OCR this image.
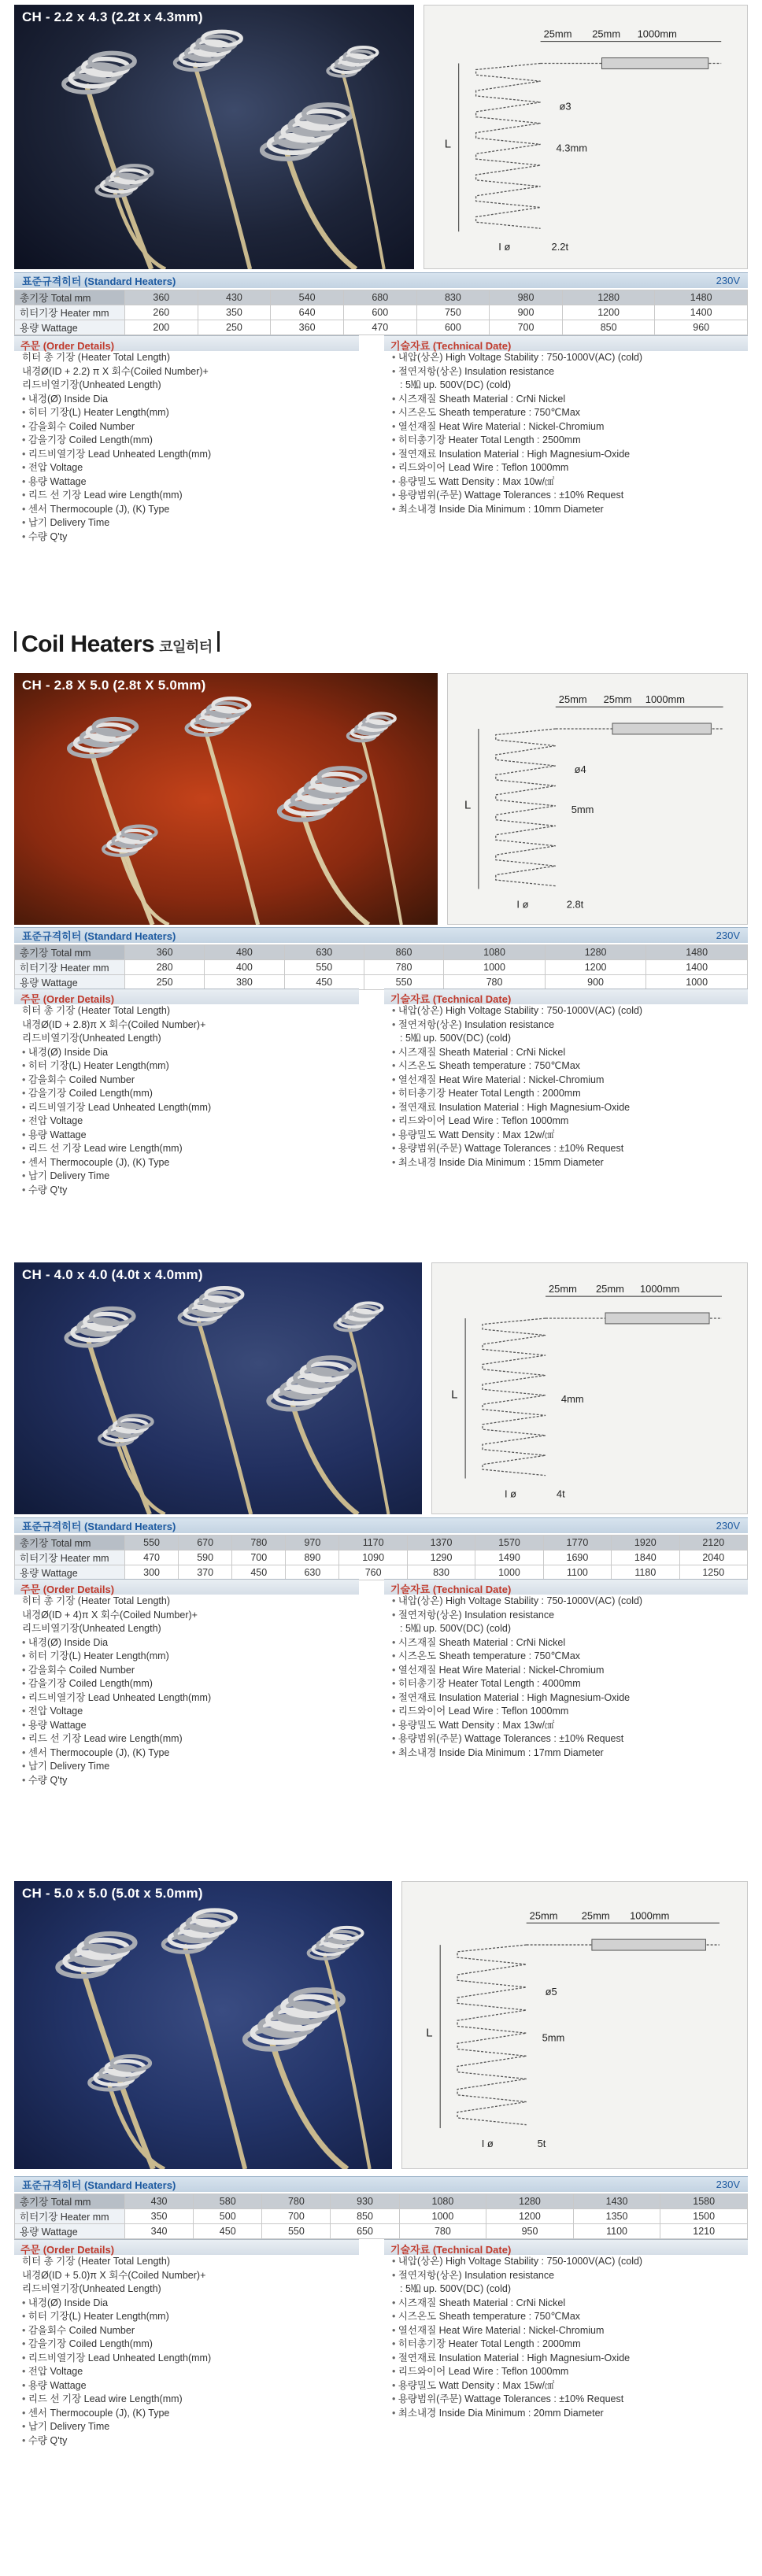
Coil Heaters 코일히터
CH - 2.2 x 4.3 (2.2t x 4.3mm)
25mm 25mm 1000mm
L
ø3
4.3mm
I ø	2.2t
표준규격히터 (Standard Heaters)	230V
총기장 Total mm	360	430	540	680	830	980	1280	1480
히터기장 Heater mm	260	350	640	600	750	900	1200	1400
용량 Wattage	200	250	360	470	600	700	850	960
주문 (Order Details)
히터 총 기장 (Heater Total Length)
내경Ø(ID + 2.2) π X 회수(Coiled Number)+
리드비열기장(Unheated Length)
• 내경(Ø) Inside Dia
• 히터 기장(L) Heater Length(mm)
• 감을회수 Coiled Number
• 감을기장 Coiled Length(mm)
• 리드비열기장 Lead Unheated Length(mm)
• 전압 Voltage
• 용량 Wattage
• 리드 선 기장 Lead wire Length(mm)
• 센서 Thermocouple (J), (K) Type
• 납기 Delivery Time
• 수량 Q'ty
기술자료 (Technical Date)
• 내압(상온) High Voltage Stability : 750-1000V(AC) (cold)
• 절연저항(상온) Insulation resistance
: 5㏁ up. 500V(DC) (cold)
• 시즈재질 Sheath Material : CrNi Nickel
• 시즈온도 Sheath temperature : 750℃Max
• 열선재질 Heat Wire Material : Nickel-Chromium
• 히터총기장 Heater Total Length : 2500mm
• 절연재료 Insulation Material : High Magnesium-Oxide
• 리드와이어 Lead Wire : Teflon 1000mm
• 용량밀도 Watt Density : Max 10w/㎠
• 용량범위(주문) Wattage Tolerances : ±10% Request
• 최소내경 Inside Dia Minimum : 10mm Diameter
CH - 2.8 X 5.0 (2.8t X 5.0mm)
25mm 25mm 1000mm
L
ø4
5mm
I ø	2.8t
표준규격히터 (Standard Heaters)	230V
총기장 Total mm	360	480	630	860	1080	1280	1480
히터기장 Heater mm	280	400	550	780	1000	1200	1400
용량 Wattage	250	380	450	550	780	900	1000
주문 (Order Details)
히터 총 기장 (Heater Total Length)
내경Ø(ID + 2.8)π X 회수(Coiled Number)+
리드비열기장(Unheated Length)
• 내경(Ø) Inside Dia
• 히터 기장(L) Heater Length(mm)
• 감을회수 Coiled Number
• 감을기장 Coiled Length(mm)
• 리드비열기장 Lead Unheated Length(mm)
• 전압 Voltage
• 용량 Wattage
• 리드 선 기장 Lead wire Length(mm)
• 센서 Thermocouple (J), (K) Type
• 납기 Delivery Time
• 수량 Q'ty
기술자료 (Technical Date)
• 내압(상온) High Voltage Stability : 750-1000V(AC) (cold)
• 절연저항(상온) Insulation resistance
: 5㏁ up. 500V(DC) (cold)
• 시즈재질 Sheath Material : CrNi Nickel
• 시즈온도 Sheath temperature : 750℃Max
• 열선재질 Heat Wire Material : Nickel-Chromium
• 히터총기장 Heater Total Length : 2000mm
• 절연재료 Insulation Material : High Magnesium-Oxide
• 리드와이어 Lead Wire : Teflon 1000mm
• 용량밀도 Watt Density : Max 12w/㎠
• 용량범위(주문) Wattage Tolerances : ±10% Request
• 최소내경 Inside Dia Minimum : 15mm Diameter
CH - 4.0 x 4.0 (4.0t x 4.0mm)
25mm 25mm 1000mm
L	4mm
I ø	4t
표준규격히터 (Standard Heaters)	230V
총기장 Total mm	550	670	780	970	1170	1370	1570	1770	1920	2120
히터기장 Heater mm	470	590	700	890	1090	1290	1490	1690	1840	2040
용량 Wattage	300	370	450	630	760	830	1000	1100	1180	1250
주문 (Order Details)
히터 총 기장 (Heater Total Length)
내경Ø(ID + 4)π X 회수(Coiled Number)+
리드비열기장(Unheated Length)
• 내경(Ø) Inside Dia
• 히터 기장(L) Heater Length(mm)
• 감을회수 Coiled Number
• 감을기장 Coiled Length(mm)
• 리드비열기장 Lead Unheated Length(mm)
• 전압 Voltage
• 용량 Wattage
• 리드 선 기장 Lead wire Length(mm)
• 센서 Thermocouple (J), (K) Type
• 납기 Delivery Time
• 수량 Q'ty
기술자료 (Technical Date)
• 내압(상온) High Voltage Stability : 750-1000V(AC) (cold)
• 절연저항(상온) Insulation resistance
: 5㏁ up. 500V(DC) (cold)
• 시즈재질 Sheath Material : CrNi Nickel
• 시즈온도 Sheath temperature : 750℃Max
• 열선재질 Heat Wire Material : Nickel-Chromium
• 히터총기장 Heater Total Length : 4000mm
• 절연재료 Insulation Material : High Magnesium-Oxide
• 리드와이어 Lead Wire : Teflon 1000mm
• 용량밀도 Watt Density : Max 13w/㎠
• 용량범위(주문) Wattage Tolerances : ±10% Request
• 최소내경 Inside Dia Minimum : 17mm Diameter
CH - 5.0 x 5.0 (5.0t x 5.0mm)
25mm 25mm 1000mm
L
ø5
5mm
I ø	5t
표준규격히터 (Standard Heaters)	230V
총기장 Total mm	430	580	780	930	1080	1280	1430	1580
히터기장 Heater mm	350	500	700	850	1000	1200	1350	1500
용량 Wattage	340	450	550	650	780	950	1100	1210
주문 (Order Details)
히터 총 기장 (Heater Total Length)
내경Ø(ID + 5.0)π X 회수(Coiled Number)+
리드비열기장(Unheated Length)
• 내경(Ø) Inside Dia
• 히터 기장(L) Heater Length(mm)
• 감을회수 Coiled Number
• 감을기장 Coiled Length(mm)
• 리드비열기장 Lead Unheated Length(mm)
• 전압 Voltage
• 용량 Wattage
• 리드 선 기장 Lead wire Length(mm)
• 센서 Thermocouple (J), (K) Type
• 납기 Delivery Time
• 수량 Q'ty
기술자료 (Technical Date)
• 내압(상온) High Voltage Stability : 750-1000V(AC) (cold)
• 절연저항(상온) Insulation resistance
: 5㏁ up. 500V(DC) (cold)
• 시즈재질 Sheath Material : CrNi Nickel
• 시즈온도 Sheath temperature : 750℃Max
• 열선재질 Heat Wire Material : Nickel-Chromium
• 히터총기장 Heater Total Length : 2000mm
• 절연재료 Insulation Material : High Magnesium-Oxide
• 리드와이어 Lead Wire : Teflon 1000mm
• 용량밀도 Watt Density : Max 15w/㎠
• 용량범위(주문) Wattage Tolerances : ±10% Request
• 최소내경 Inside Dia Minimum : 20mm Diameter
